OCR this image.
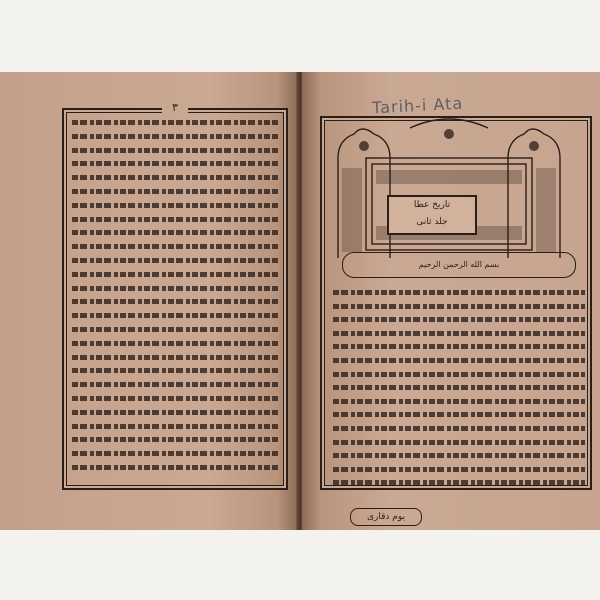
٣	Tarih-i Ata
تاريخ عطا
جلد ثانى
بسم الله الرحمن الرحيم
يوم دقارى
